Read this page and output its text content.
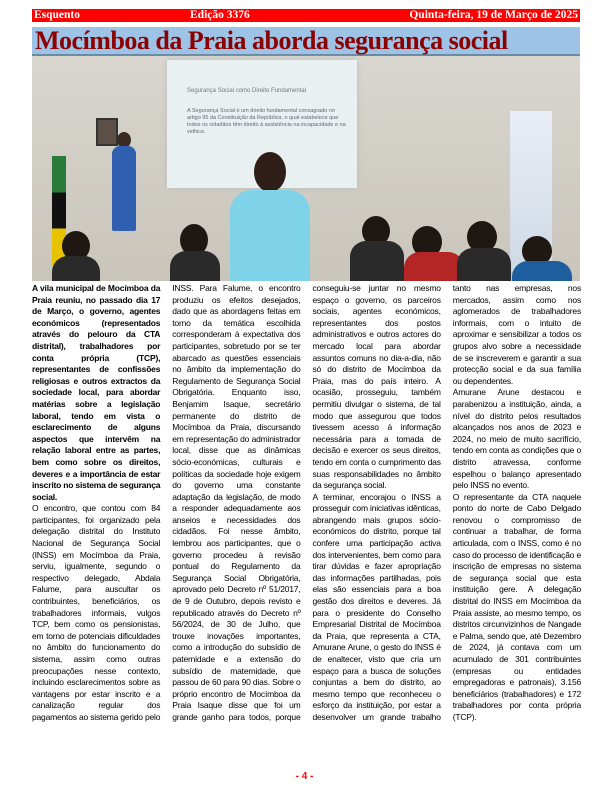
Esquento	Edição 3376	Quinta-feira, 19 de Março de 2025
Mocímboa da Praia aborda segurança social
Segurança Social como Direito Fundamental
A Segurança Social é um direito fundamental consagrado no artigo 95 da Constituição da República, o qual estabelece que todos os cidadãos têm direito à assistência na incapacidade e na velhice.

A vila municipal de Mocímboa da Praia reuniu, no passado dia 17 de Março, o governo, agentes económicos (representados através do pelouro da CTA distrital), trabalhadores por conta própria (TCP), representantes de confissões religiosas e outros extractos da sociedade local, para abordar matérias sobre a legislação laboral, tendo em vista o esclarecimento de alguns aspectos que intervêm na relação laboral entre as partes, bem como sobre os direitos, deveres e a importância de estar inscrito no sistema de segurança social.

O encontro, que contou com 84 participantes, foi organizado pela delegação distrital do Instituto Nacional de Segurança Social (INSS) em Mocímboa da Praia, serviu, igualmente, segundo o respectivo delegado, Abdala Falume, para auscultar os contribuintes, beneficiários, os trabalhadores informais, vulgos TCP, bem como os pensionistas, em torno de potenciais dificuldades no âmbito do funcionamento do sistema, assim como outras preocupações nesse contexto, incluindo esclarecimentos sobre as vantagens por estar inscrito e a canalização regular dos pagamentos ao sistema gerido pelo INSS. Para Falume, o encontro produziu os efeitos desejados, dado que as abordagens feitas em torno da temática escolhida corresponderam à expectativa dos participantes, sobretudo por se ter abarcado as questões essenciais no âmbito da implementação do Regulamento de Segurança Social Obrigatória. Enquanto isso, Benjamim Isaque, secretário permanente do distrito de Mocímboa da Praia, discursando em representação do administrador local, disse que as dinâmicas sócio-económicas, culturais e políticas da sociedade hoje exigem do governo uma constante adaptação da legislação, de modo a responder adequadamente aos anseios e necessidades dos cidadãos. Foi nesse âmbito, lembrou aos participantes, que o governo procedeu à revisão pontual do Regulamento da Segurança Social Obrigatória, aprovado pelo Decreto nº 51/2017, de 9 de Outubro, depois revisto e republicado através do Decreto nº 56/2024, de 30 de Julho, que trouxe inovações importantes, como a introdução do subsídio de paternidade e a extensão do subsídio de maternidade, que passou de 60 para 90 dias. Sobre o próprio encontro de Mocímboa da Praia Isaque disse que foi um grande ganho para todos, porque conseguiu-se juntar no mesmo espaço o governo, os parceiros sociais, agentes económicos, representantes dos postos administrativos e outros actores do mercado local para abordar assuntos comuns no dia-a-dia, não só do distrito de Mocímboa da Praia, mas do país inteiro. A ocasião, prosseguiu, também permitiu divulgar o sistema, de tal modo que assegurou que todos tivessem acesso à informação necessária para a tomada de decisão e exercer os seus direitos, tendo em conta o cumprimento das suas responsabilidades no âmbito da segurança social.

A terminar, encorajou o INSS a prosseguir com iniciativas idênticas, abrangendo mais grupos sócio-económicos do distrito, porque tal confere uma participação activa dos intervenientes, bem como para tirar dúvidas e fazer apropriação das informações partilhadas, pois elas são essenciais para a boa gestão dos direitos e deveres. Já para o presidente do Conselho Empresarial Distrital de Mocímboa da Praia, que representa a CTA, Amurane Arune, o gesto do INSS é de enaltecer, visto que cria um espaço para a busca de soluções conjuntas a bem do distrito, ao mesmo tempo que reconheceu o esforço da instituição, por estar a desenvolver um grande trabalho tanto nas empresas, nos mercados, assim como nos aglomerados de trabalhadores informais, com o intuito de aproximar e sensibilizar a todos os grupos alvo sobre a necessidade de se inscreverem e garantir a sua protecção social e da sua família ou dependentes.

Amurane Arune destacou e parabenizou a instituição, ainda, a nível do distrito pelos resultados alcançados nos anos de 2023 e 2024, no meio de muito sacrifício, tendo em conta as condições que o distrito atravessa, conforme espelhou o balanço apresentado pelo INSS no evento.

O representante da CTA naquele ponto do norte de Cabo Delgado renovou o compromisso de continuar a trabalhar, de forma articulada, com o INSS, como é no caso do processo de identificação e inscrição de empresas no sistema de segurança social que esta instituição gere. A delegação distrital do INSS em Mocímboa da Praia assiste, ao mesmo tempo, os distritos circunvizinhos de Nangade e Palma, sendo que, até Dezembro de 2024, já contava com um acumulado de 301 contribuintes (empresas ou entidades empregadoras e patronais), 3.156 beneficiários (trabalhadores) e 172 trabalhadores por conta própria (TCP).

- 4 -
